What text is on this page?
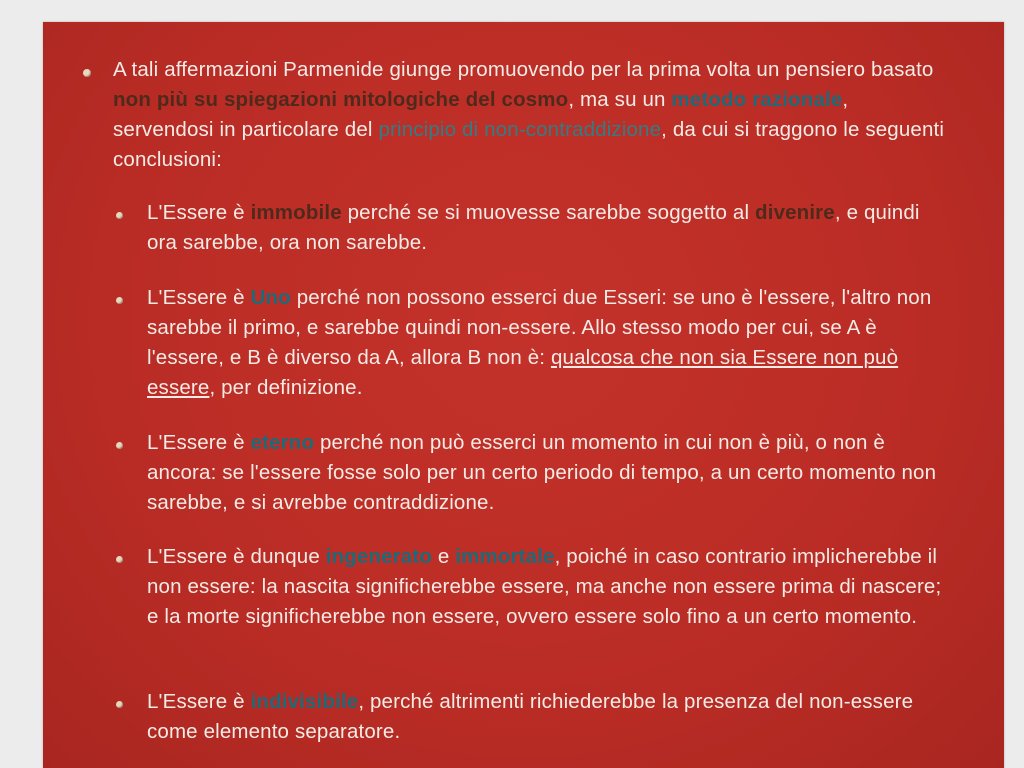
A tali affermazioni Parmenide giunge promuovendo per la prima volta un pensiero basato non più su spiegazioni mitologiche del cosmo, ma su un metodo razionale, servendosi in particolare del principio di non-contraddizione, da cui si traggono le seguenti conclusioni:
L'Essere è immobile perché se si muovesse sarebbe soggetto al divenire, e quindi ora sarebbe, ora non sarebbe.
L'Essere è Uno perché non possono esserci due Esseri: se uno è l'essere, l'altro non sarebbe il primo, e sarebbe quindi non-essere. Allo stesso modo per cui, se A è l'essere, e B è diverso da A, allora B non è: qualcosa che non sia Essere non può essere, per definizione.
L'Essere è eterno perché non può esserci un momento in cui non è più, o non è ancora: se l'essere fosse solo per un certo periodo di tempo, a un certo momento non sarebbe, e si avrebbe contraddizione.
L'Essere è dunque ingenerato e immortale, poiché in caso contrario implicherebbe il non essere: la nascita significherebbe essere, ma anche non essere prima di nascere; e la morte significherebbe non essere, ovvero essere solo fino a un certo momento.
L'Essere è indivisibile, perché altrimenti richiederebbe la presenza del non-essere come elemento separatore.
